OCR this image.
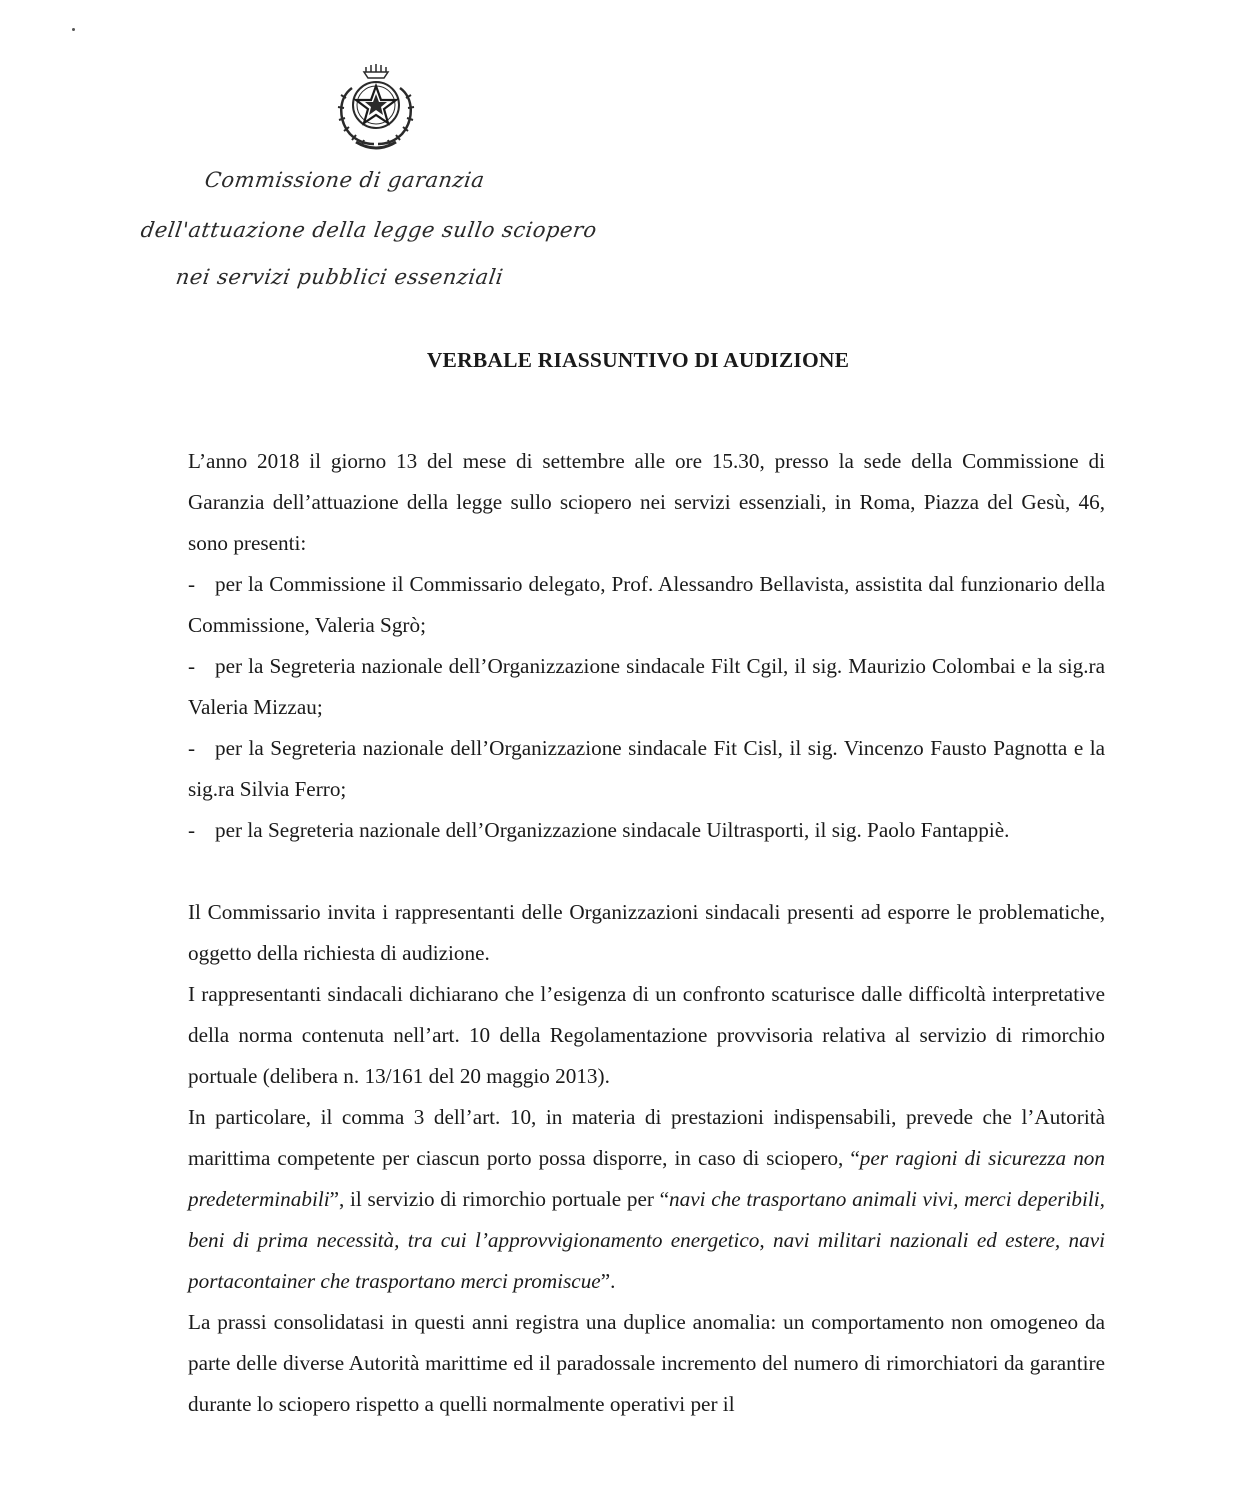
Commissione di garanzia
dell'attuazione della legge sullo sciopero
nei servizi pubblici essenziali
VERBALE RIASSUNTIVO DI AUDIZIONE

L’anno 2018 il giorno 13 del mese di settembre alle ore 15.30, presso la sede della Commissione di Garanzia dell’attuazione della legge sullo sciopero nei servizi essenziali, in Roma, Piazza del Gesù, 46, sono presenti:

- per la Commissione il Commissario delegato, Prof. Alessandro Bellavista, assistita dal funzionario della Commissione, Valeria Sgrò;

- per la Segreteria nazionale dell’Organizzazione sindacale Filt Cgil, il sig. Maurizio Colombai e la sig.ra Valeria Mizzau;

- per la Segreteria nazionale dell’Organizzazione sindacale Fit Cisl, il sig. Vincenzo Fausto Pagnotta e la sig.ra Silvia Ferro;

- per la Segreteria nazionale dell’Organizzazione sindacale Uiltrasporti, il sig. Paolo Fantappiè.

Il Commissario invita i rappresentanti delle Organizzazioni sindacali presenti ad esporre le problematiche, oggetto della richiesta di audizione.

I rappresentanti sindacali dichiarano che l’esigenza di un confronto scaturisce dalle difficoltà interpretative della norma contenuta nell’art. 10 della Regolamentazione provvisoria relativa al servizio di rimorchio portuale (delibera n. 13/161 del 20 maggio 2013).

In particolare, il comma 3 dell’art. 10, in materia di prestazioni indispensabili, prevede che l’Autorità marittima competente per ciascun porto possa disporre, in caso di sciopero, “per ragioni di sicurezza non predeterminabili”, il servizio di rimorchio portuale per “navi che trasportano animali vivi, merci deperibili, beni di prima necessità, tra cui l’approvvigionamento energetico, navi militari nazionali ed estere, navi portacontainer che trasportano merci promiscue”.

La prassi consolidatasi in questi anni registra una duplice anomalia: un comportamento non omogeneo da parte delle diverse Autorità marittime ed il paradossale incremento del numero di rimorchiatori da garantire durante lo sciopero rispetto a quelli normalmente operativi per il
